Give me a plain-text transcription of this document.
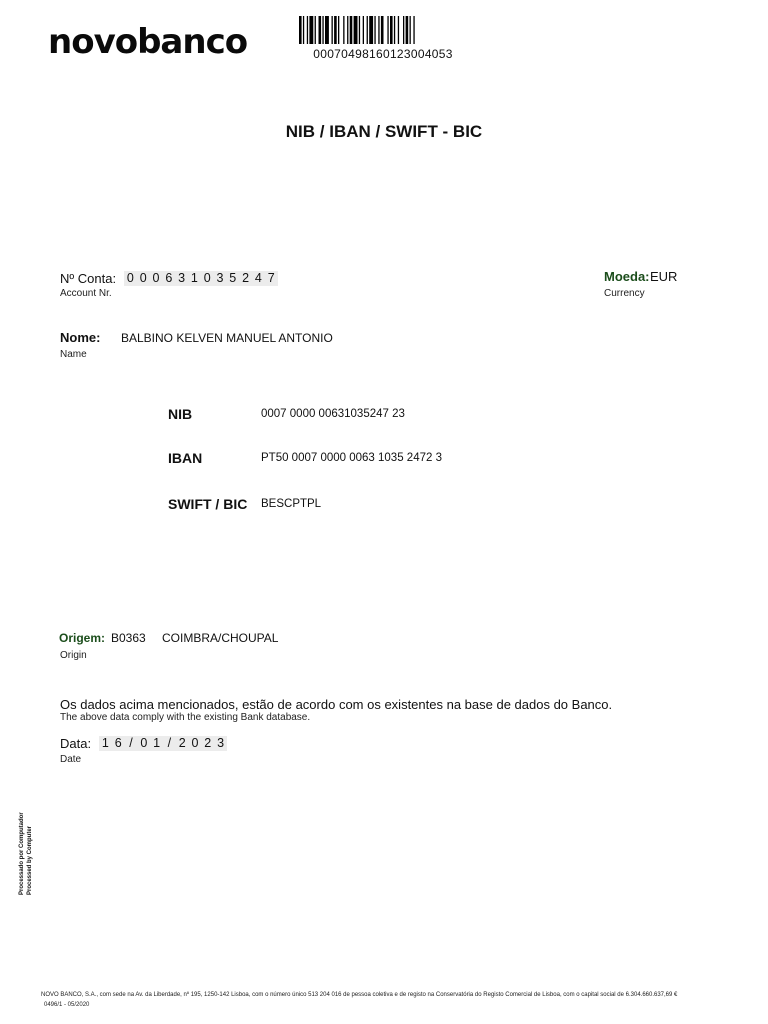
novobanco	00070498160123004053
NIB / IBAN / SWIFT - BIC
Nº Conta: 0 0 0 6 3 1 0 3 5 2 4 7
Account Nr.
Moeda: EUR
Currency
Nome: BALBINO KELVEN MANUEL ANTONIO
Name
NIB	0007 0000 00631035247 23
IBAN	PT50 0007 0000 0063 1035 2472 3
SWIFT / BIC BESCPTPL
Origem: B0363 COIMBRA/CHOUPAL
Origin
Os dados acima mencionados, estão de acordo com os existentes na base de dados do Banco.
The above data comply with the existing Bank database.
Data: 1 6 / 0 1 / 2 0 2 3
Date
Processado por Computador Processed by Computer
NOVO BANCO, S.A., com sede na Av. da Liberdade, nº 195, 1250-142 Lisboa, com o número único 513 204 016 de pessoa coletiva e de registo na Conservatória do Registo Comercial de Lisboa, com o capital social de 6.304.660.637,69 €
0496/1 - 05/2020
